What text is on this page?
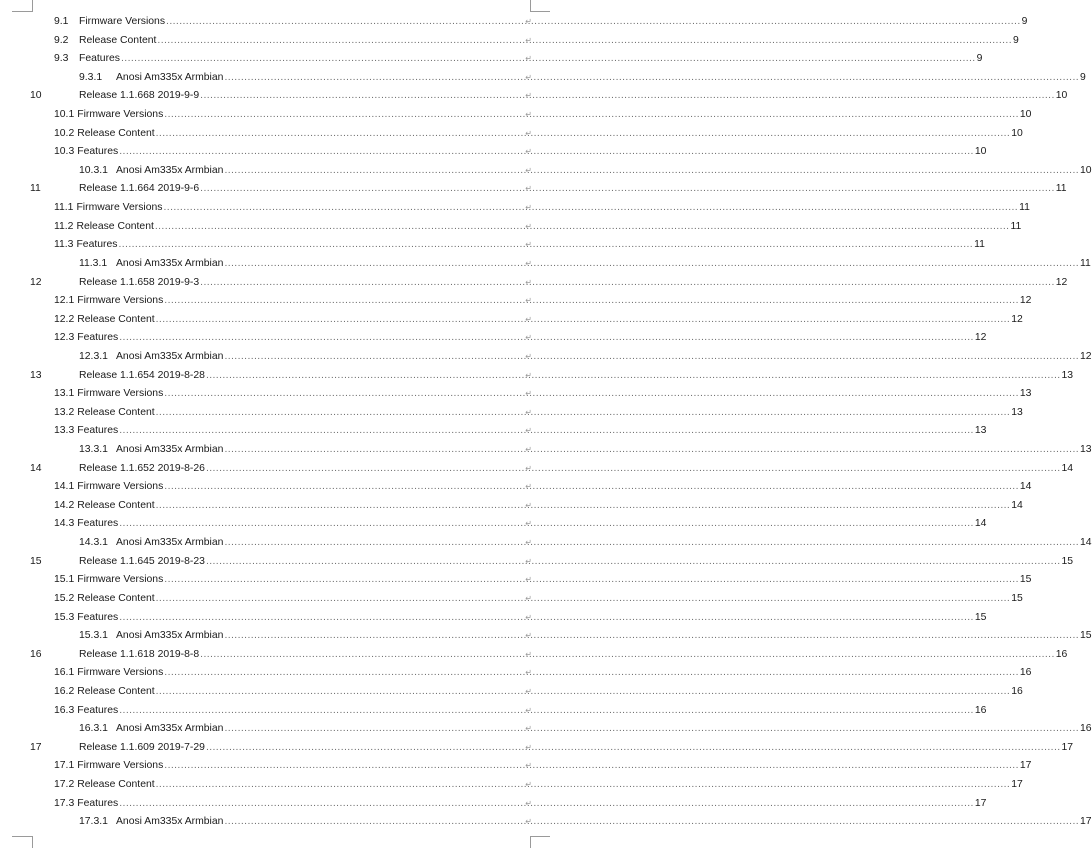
9.1	Firmware Versions .....	9
↵
9.2	Release Content .....	9
↵
9.3	Features .....	9
↵
9.3.1	Anosi Am335x Armbian .....	9
↵
10	Release 1.1.668 2019-9-9 .....	10
↵
10.1 Firmware Versions .....	10
↵
10.2 Release Content .....	10
↵
10.3 Features .....	10
↵
10.3.1 Anosi Am335x Armbian .....	10
↵
11	Release 1.1.664 2019-9-6 .....	11
↵
11.1 Firmware Versions .....	11
↵
11.2 Release Content .....	11
↵
11.3 Features .....	11
↵
11.3.1 Anosi Am335x Armbian .....	11
↵
12	Release 1.1.658 2019-9-3 .....	12
↵
12.1 Firmware Versions .....	12
↵
12.2 Release Content .....	12
↵
12.3 Features .....	12
↵
12.3.1 Anosi Am335x Armbian .....	12
↵
13	Release 1.1.654 2019-8-28 .....	13
↵
13.1 Firmware Versions .....	13
↵
13.2 Release Content .....	13
↵
13.3 Features .....	13
↵
13.3.1 Anosi Am335x Armbian .....	13
↵
14	Release 1.1.652 2019-8-26 .....	14
↵
14.1 Firmware Versions .....	14
↵
14.2 Release Content .....	14
↵
14.3 Features .....	14
↵
14.3.1 Anosi Am335x Armbian .....	14
↵
15	Release 1.1.645 2019-8-23 .....	15
↵
15.1 Firmware Versions .....	15
↵
15.2 Release Content .....	15
↵
15.3 Features .....	15
↵
15.3.1 Anosi Am335x Armbian .....	15
↵
16	Release 1.1.618 2019-8-8 .....	16
↵
16.1 Firmware Versions .....	16
↵
16.2 Release Content .....	16
↵
16.3 Features .....	16
↵
16.3.1 Anosi Am335x Armbian .....	16
↵
17	Release 1.1.609 2019-7-29 .....	17
↵
17.1 Firmware Versions .....	17
↵
17.2 Release Content .....	17
↵
17.3 Features .....	17
↵
17.3.1 Anosi Am335x Armbian .....	17
↵
